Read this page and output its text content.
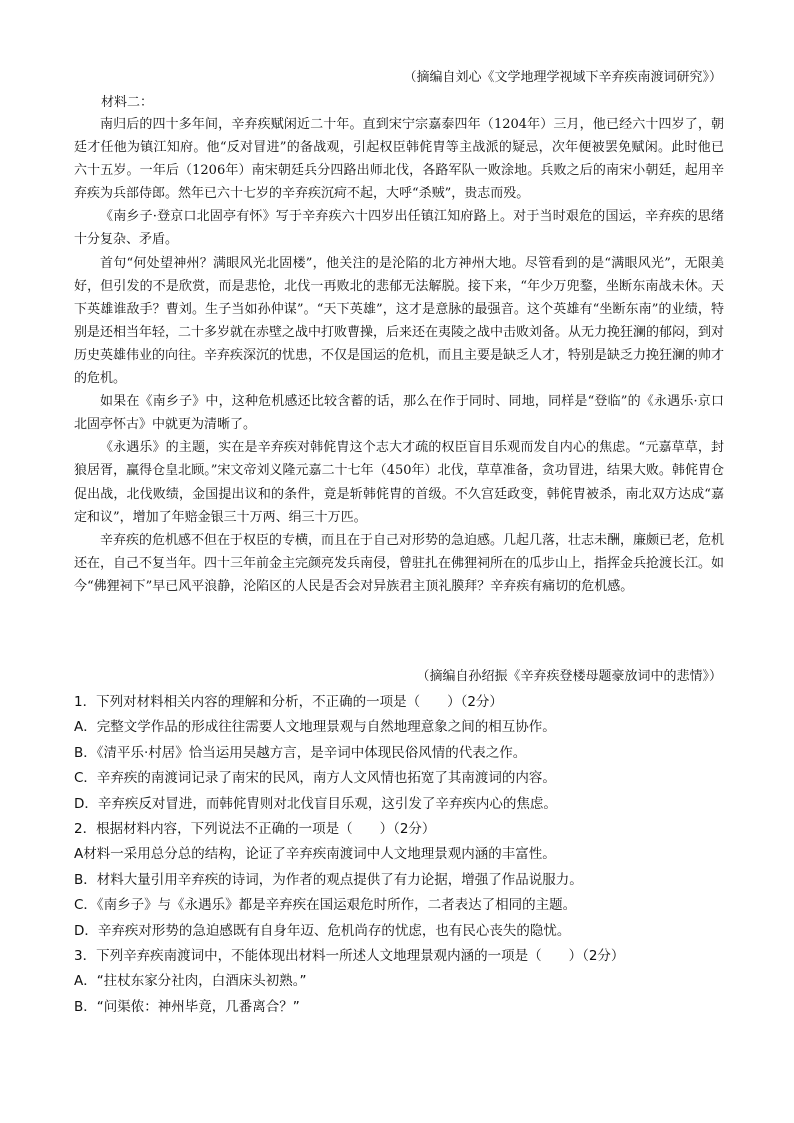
（摘编自刘心《文学地理学视域下辛弃疾南渡词研究》）
材料二：

南归后的四十多年间，辛弃疾赋闲近二十年。直到宋宁宗嘉泰四年（1204年）三月，他已经六十四岁了，朝廷才任他为镇江知府。他“反对冒进”的备战观，引起权臣韩侂胄等主战派的疑忌，次年便被罢免赋闲。此时他已六十五岁。一年后（1206年）南宋朝廷兵分四路出师北伐，各路军队一败涂地。兵败之后的南宋小朝廷，起用辛弃疾为兵部侍郎。然年已六十七岁的辛弃疾沉疴不起，大呼“杀贼”，贵志而殁。

《南乡子·登京口北固亭有怀》写于辛弃疾六十四岁出任镇江知府路上。对于当时艰危的国运，辛弃疾的思绪十分复杂、矛盾。

首句“何处望神州？满眼风光北固楼”，他关注的是沦陷的北方神州大地。尽管看到的是“满眼风光”，无限美好，但引发的不是欣赏，而是悲怆，北伐一再败北的悲郁无法解脱。接下来，“年少万兜鍪，坐断东南战未休。天下英雄谁敌手？曹刘。生子当如孙仲谋”。“天下英雄”，这才是意脉的最强音。这个英雄有“坐断东南”的业绩，特别是还相当年轻，二十多岁就在赤壁之战中打败曹操，后来还在夷陵之战中击败刘备。从无力挽狂澜的郁闷，到对历史英雄伟业的向往。辛弃疾深沉的忧患，不仅是国运的危机，而且主要是缺乏人才，特别是缺乏力挽狂澜的帅才的危机。

如果在《南乡子》中，这种危机感还比较含蓄的话，那么在作于同时、同地，同样是“登临”的《永遇乐·京口北固亭怀古》中就更为清晰了。

《永遇乐》的主题，实在是辛弃疾对韩侂胄这个志大才疏的权臣盲目乐观而发自内心的焦虑。“元嘉草草，封狼居胥，赢得仓皇北顾。”宋文帝刘义隆元嘉二十七年（450年）北伐，草草准备，贪功冒进，结果大败。韩侂胄仓促出战，北伐败绩，金国提出议和的条件，竟是斩韩侂胄的首级。不久宫廷政变，韩侂胄被杀，南北双方达成“嘉定和议”，增加了年赔金银三十万两、绢三十万匹。

辛弃疾的危机感不但在于权臣的专横，而且在于自己对形势的急迫感。几起几落，壮志未酬，廉颇已老，危机还在，自己不复当年。四十三年前金主完颜亮发兵南侵，曾驻扎在佛狸祠所在的瓜步山上，指挥金兵抢渡长江。如今“佛狸祠下”早已风平浪静，沦陷区的人民是否会对异族君主顶礼膜拜？辛弃疾有痛切的危机感。

（摘编自孙绍振《辛弃疾登楼母题豪放词中的悲情》）
1．下列对材料相关内容的理解和分析，不正确的一项是（　　）（2分）
A．完整文学作品的形成往往需要人文地理景观与自然地理意象之间的相互协作。
B．《清平乐·村居》恰当运用吴越方言，是辛词中体现民俗风情的代表之作。
C．辛弃疾的南渡词记录了南宋的民风，南方人文风情也拓宽了其南渡词的内容。
D．辛弃疾反对冒进，而韩侂胄则对北伐盲目乐观，这引发了辛弃疾内心的焦虑。
2．根据材料内容，下列说法不正确的一项是（　　）（2分）
A材料一采用总分总的结构，论证了辛弃疾南渡词中人文地理景观内涵的丰富性。
B．材料大量引用辛弃疾的诗词，为作者的观点提供了有力论据，增强了作品说服力。
C．《南乡子》与《永遇乐》都是辛弃疾在国运艰危时所作，二者表达了相同的主题。
D．辛弃疾对形势的急迫感既有自身年迈、危机尚存的忧虑，也有民心丧失的隐忧。
3．下列辛弃疾南渡词中，不能体现出材料一所述人文地理景观内涵的一项是（　　）（2分）
A．“拄杖东家分社肉，白酒床头初熟。”
B．“问渠侬：神州毕竟，几番离合？”
